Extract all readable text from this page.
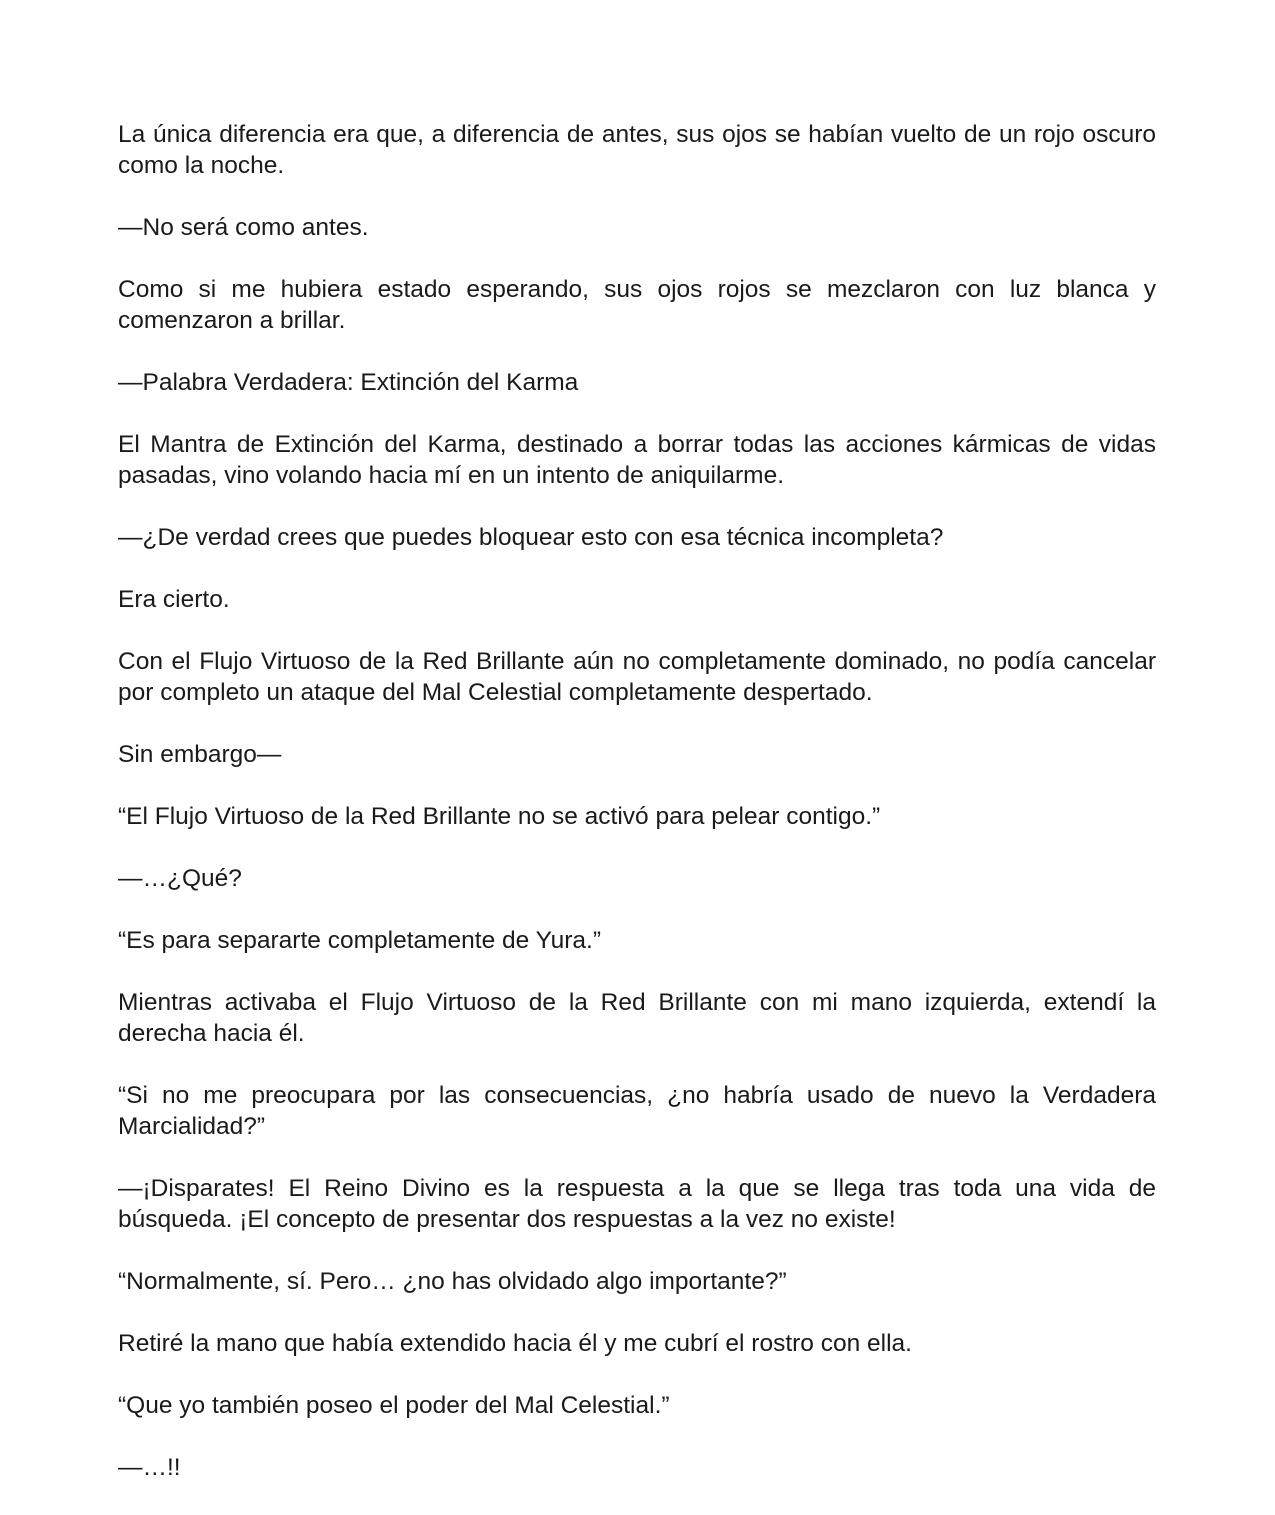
La única diferencia era que, a diferencia de antes, sus ojos se habían vuelto de un rojo oscuro como la noche.

—No será como antes.

Como si me hubiera estado esperando, sus ojos rojos se mezclaron con luz blanca y comenzaron a brillar.

—Palabra Verdadera: Extinción del Karma

El Mantra de Extinción del Karma, destinado a borrar todas las acciones kármicas de vidas pasadas, vino volando hacia mí en un intento de aniquilarme.

—¿De verdad crees que puedes bloquear esto con esa técnica incompleta?

Era cierto.

Con el Flujo Virtuoso de la Red Brillante aún no completamente dominado, no podía cancelar por completo un ataque del Mal Celestial completamente despertado.

Sin embargo—

“El Flujo Virtuoso de la Red Brillante no se activó para pelear contigo.”

—…¿Qué?

“Es para separarte completamente de Yura.”

Mientras activaba el Flujo Virtuoso de la Red Brillante con mi mano izquierda, extendí la derecha hacia él.

“Si no me preocupara por las consecuencias, ¿no habría usado de nuevo la Verdadera Marcialidad?”

—¡Disparates! El Reino Divino es la respuesta a la que se llega tras toda una vida de búsqueda. ¡El concepto de presentar dos respuestas a la vez no existe!

“Normalmente, sí. Pero… ¿no has olvidado algo importante?”

Retiré la mano que había extendido hacia él y me cubrí el rostro con ella.

“Que yo también poseo el poder del Mal Celestial.”

—…!!
